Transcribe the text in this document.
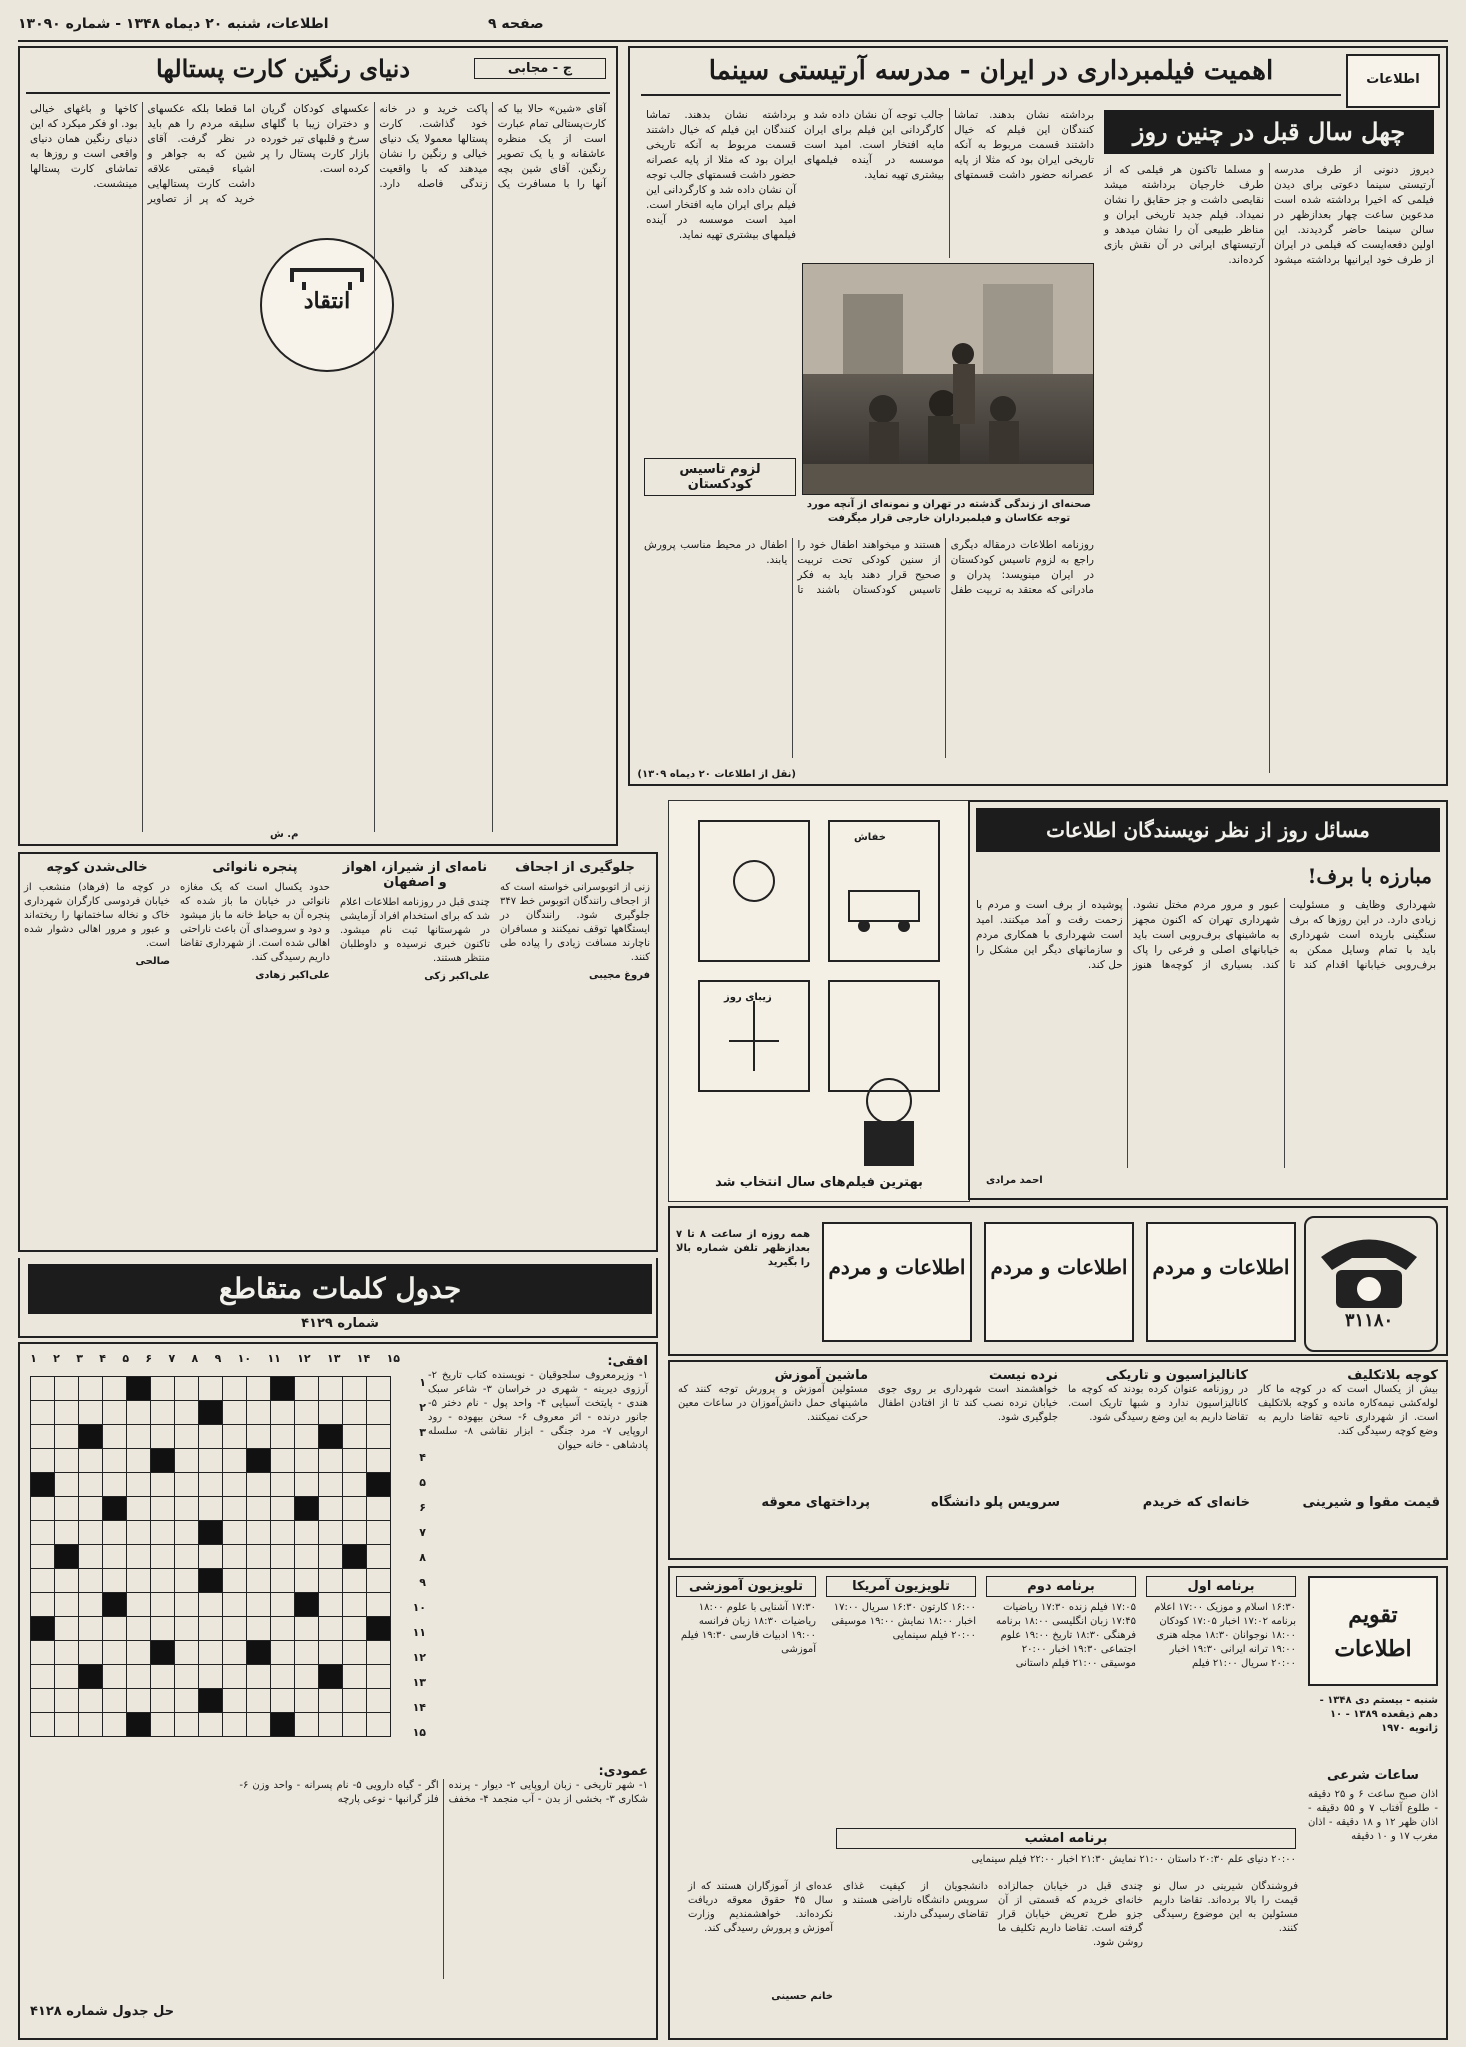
اطلاعات، شنبه ۲۰ دیماه ۱۳۴۸ - شماره ۱۳۰۹۰	صفحه ۹
اطلاعات
اهمیت فیلمبرداری در ایران - مدرسه آرتیستی سینما
چهل سال قبل در چنین روز
دیروز دنونی از طرف مدرسه آرتیستی سینما دعوتی برای دیدن فیلمی که اخیرا برداشته شده است مدعوین ساعت چهار بعدازظهر در سالن سینما حاضر گردیدند. این اولین دفعه‌ایست که فیلمی در ایران از طرف خود ایرانیها برداشته میشود و مسلما تاکنون هر فیلمی که از طرف خارجیان برداشته میشد نقایصی داشت و جز حقایق را نشان نمیداد. فیلم جدید تاریخی ایران و مناظر طبیعی آن را نشان میدهد و آرتیستهای ایرانی در آن نقش بازی کرده‌اند.
صحنه‌ای از زندگی گذشته در تهران و نمونه‌ای از آنچه مورد توجه عکاسان و فیلمبرداران خارجی قرار میگرفت
برداشته نشان بدهند. تماشا کنندگان این فیلم که خیال داشتند قسمت مربوط به آنکه تاریخی ایران بود که مثلا از پایه عصرانه حضور داشت قسمتهای جالب توجه آن نشان داده شد و کارگردانی این فیلم برای ایران مایه افتخار است. امید است موسسه در آینده فیلمهای بیشتری تهیه نماید.
برداشته نشان بدهند. تماشا کنندگان این فیلم که خیال داشتند قسمت مربوط به آنکه تاریخی ایران بود که مثلا از پایه عصرانه حضور داشت قسمتهای جالب توجه آن نشان داده شد و کارگردانی این فیلم برای ایران مایه افتخار است. امید است موسسه در آینده فیلمهای بیشتری تهیه نماید.
لزوم تاسیس کودکستان
روزنامه اطلاعات درمقاله دیگری راجع به لزوم تاسیس کودکستان در ایران مینویسد: پدران و مادرانی که معتقد به تربیت طفل هستند و میخواهند اطفال خود را از سنین کودکی تحت تربیت صحیح قرار دهند باید به فکر تاسیس کودکستان باشند تا اطفال در محیط مناسب پرورش یابند.
(نقل از اطلاعات ۲۰ دیماه ۱۳۰۹)
دنیای رنگین کارت پستالها	ج - مجابی
انتقاد
آقای «شین» حالا بیا که کارت‌پستالی تمام عبارت است از یک منظره عاشقانه و یا یک تصویر رنگین. آقای شین بچه آنها را با مسافرت یک پاکت خرید و در خانه خود گذاشت. کارت پستالها معمولا یک دنیای خیالی و رنگین را نشان میدهند که با واقعیت زندگی فاصله دارد. عکسهای کودکان گریان و دختران زیبا با گلهای سرخ و قلبهای تیر خورده بازار کارت پستال را پر کرده است.
اما قطعا بلکه عکسهای سلیقه مردم را هم باید در نظر گرفت. آقای شین که به جواهر و اشیاء قیمتی علاقه داشت کارت پستالهایی خرید که پر از تصاویر کاخها و باغهای خیالی بود. او فکر میکرد که این دنیای رنگین همان دنیای واقعی است و روزها به تماشای کارت پستالها مینشست.
م. ش
جلوگیری از اجحاف
زنی از اتوبوسرانی خواسته است که از اجحاف رانندگان اتوبوس خط ۳۴۷ جلوگیری شود. رانندگان در ایستگاهها توقف نمیکنند و مسافران ناچارند مسافت زیادی را پیاده طی کنند.
فروغ مجیبی
نامه‌ای از شیراز، اهواز و اصفهان
چندی قبل در روزنامه اطلاعات اعلام شد که برای استخدام افراد آزمایشی در شهرستانها ثبت نام میشود. تاکنون خبری نرسیده و داوطلبان منتظر هستند.
علی‌اکبر زکی
پنجره نانوائی
حدود یکسال است که یک مغازه نانوائی در خیابان ما باز شده که پنجره آن به حیاط خانه ما باز میشود و دود و سروصدای آن باعث ناراحتی اهالی شده است. از شهرداری تقاضا داریم رسیدگی کند.
علی‌اکبر زهادی
خالی‌شدن کوچه
در کوچه ما (فرهاد) منشعب از خیابان فردوسی کارگران شهرداری خاک و نخاله ساختمانها را ریخته‌اند و عبور و مرور اهالی دشوار شده است.
صالحی
خفاش
زیبای روز
بهترین فیلم‌های سال انتخاب شد
مسائل روز از نظر نویسندگان اطلاعات
مبارزه با برف!
شهرداری وظایف و مسئولیت زیادی دارد. در این روزها که برف سنگینی باریده است شهرداری باید با تمام وسایل ممکن به برف‌روبی خیابانها اقدام کند تا عبور و مرور مردم مختل نشود. شهرداری تهران که اکنون مجهز به ماشینهای برف‌روبی است باید خیابانهای اصلی و فرعی را پاک کند. بسیاری از کوچه‌ها هنوز پوشیده از برف است و مردم با زحمت رفت و آمد میکنند. امید است شهرداری با همکاری مردم و سازمانهای دیگر این مشکل را حل کند.
احمد مرادی
۳۱۱۸۰
اطلاعات و مردم
اطلاعات و مردم
اطلاعات و مردم
همه روزه از ساعت ۸ تا ۷ بعدازظهر تلفن شماره بالا را بگیرید
کوچه بلاتکلیف
بیش از یکسال است که در کوچه ما کار لوله‌کشی نیمه‌کاره مانده و کوچه بلاتکلیف است. از شهرداری ناحیه تقاضا داریم به وضع کوچه رسیدگی کند.
کانالیزاسیون و تاریکی
در روزنامه عنوان کرده بودند که کوچه ما کانالیزاسیون ندارد و شبها تاریک است. تقاضا داریم به این وضع رسیدگی شود.
نرده نیست
خواهشمند است شهرداری بر روی جوی خیابان نرده نصب کند تا از افتادن اطفال جلوگیری شود.
ماشین آموزش
مسئولین آموزش و پرورش توجه کنند که ماشینهای حمل دانش‌آموزان در ساعات معین حرکت نمیکنند.
تقویم اطلاعات
شنبه - بیستم دی ۱۳۴۸ - دهم ذیقعده ۱۳۸۹ - ۱۰ ژانویه ۱۹۷۰
ساعات شرعی
اذان صبح ساعت ۶ و ۲۵ دقیقه - طلوع آفتاب ۷ و ۵۵ دقیقه - اذان ظهر ۱۲ و ۱۸ دقیقه - اذان مغرب ۱۷ و ۱۰ دقیقه
برنامه اول
۱۶:۳۰ اسلام و موزیک ۱۷:۰۰ اعلام برنامه ۱۷:۰۲ اخبار ۱۷:۰۵ کودکان ۱۸:۰۰ نوجوانان ۱۸:۳۰ مجله هنری ۱۹:۰۰ ترانه ایرانی ۱۹:۳۰ اخبار ۲۰:۰۰ سریال ۲۱:۰۰ فیلم
برنامه دوم
۱۷:۰۵ فیلم زنده ۱۷:۳۰ ریاضیات ۱۷:۴۵ زبان انگلیسی ۱۸:۰۰ برنامه فرهنگی ۱۸:۳۰ تاریخ ۱۹:۰۰ علوم اجتماعی ۱۹:۳۰ اخبار ۲۰:۰۰ موسیقی ۲۱:۰۰ فیلم داستانی
تلویزیون آمریکا
۱۶:۰۰ کارتون ۱۶:۳۰ سریال ۱۷:۰۰ اخبار ۱۸:۰۰ نمایش ۱۹:۰۰ موسیقی ۲۰:۰۰ فیلم سینمایی
تلویزیون آموزشی
۱۷:۳۰ آشنایی با علوم ۱۸:۰۰ ریاضیات ۱۸:۳۰ زبان فرانسه ۱۹:۰۰ ادبیات فارسی ۱۹:۳۰ فیلم آموزشی
برنامه امشب
۲۰:۰۰ دنیای علم ۲۰:۳۰ داستان ۲۱:۰۰ نمایش ۲۱:۳۰ اخبار ۲۲:۰۰ فیلم سینمایی
جدول کلمات متقاطع
شماره ۴۱۲۹
۱ ۲ ۳ ۴ ۵ ۶ ۷ ۸ ۹ ۱۰ ۱۱ ۱۲ ۱۳ ۱۴ ۱۵

۱
۲
۳
۴
۵
۶
۷
۸
۹
۱۰
۱۱
۱۲
۱۳
۱۴
۱۵
افقی:
۱- وزیرمعروف سلجوقیان - نویسنده کتاب تاریخ ۲- آرزوی دیرینه - شهری در خراسان ۳- شاعر سبک هندی - پایتخت آسیایی ۴- واحد پول - نام دختر ۵- جانور درنده - اثر معروف ۶- سخن بیهوده - رود اروپایی ۷- مرد جنگی - ابزار نقاشی ۸- سلسله پادشاهی - خانه حیوان
عمودی:
۱- شهر تاریخی - زبان اروپایی ۲- دیوار - پرنده شکاری ۳- بخشی از بدن - آب منجمد ۴- مخفف اگر - گیاه دارویی ۵- نام پسرانه - واحد وزن ۶- فلز گرانبها - نوعی پارچه
حل جدول شماره ۴۱۲۸
قیمت مقوا و شیرینی
خانه‌ای که خریدم
سرویس پلو دانشگاه
پرداختهای معوقه
فروشندگان شیرینی در سال نو قیمت را بالا برده‌اند. تقاضا داریم مسئولین به این موضوع رسیدگی کنند.
چندی قبل در خیابان جمالزاده خانه‌ای خریدم که قسمتی از آن جزو طرح تعریض خیابان قرار گرفته است. تقاضا داریم تکلیف ما روشن شود.
دانشجویان از کیفیت غذای سرویس دانشگاه ناراضی هستند و تقاضای رسیدگی دارند.
عده‌ای از آموزگاران هستند که از سال ۴۵ حقوق معوقه دریافت نکرده‌اند. خواهشمندیم وزارت آموزش و پرورش رسیدگی کند.
خانم حسینی
